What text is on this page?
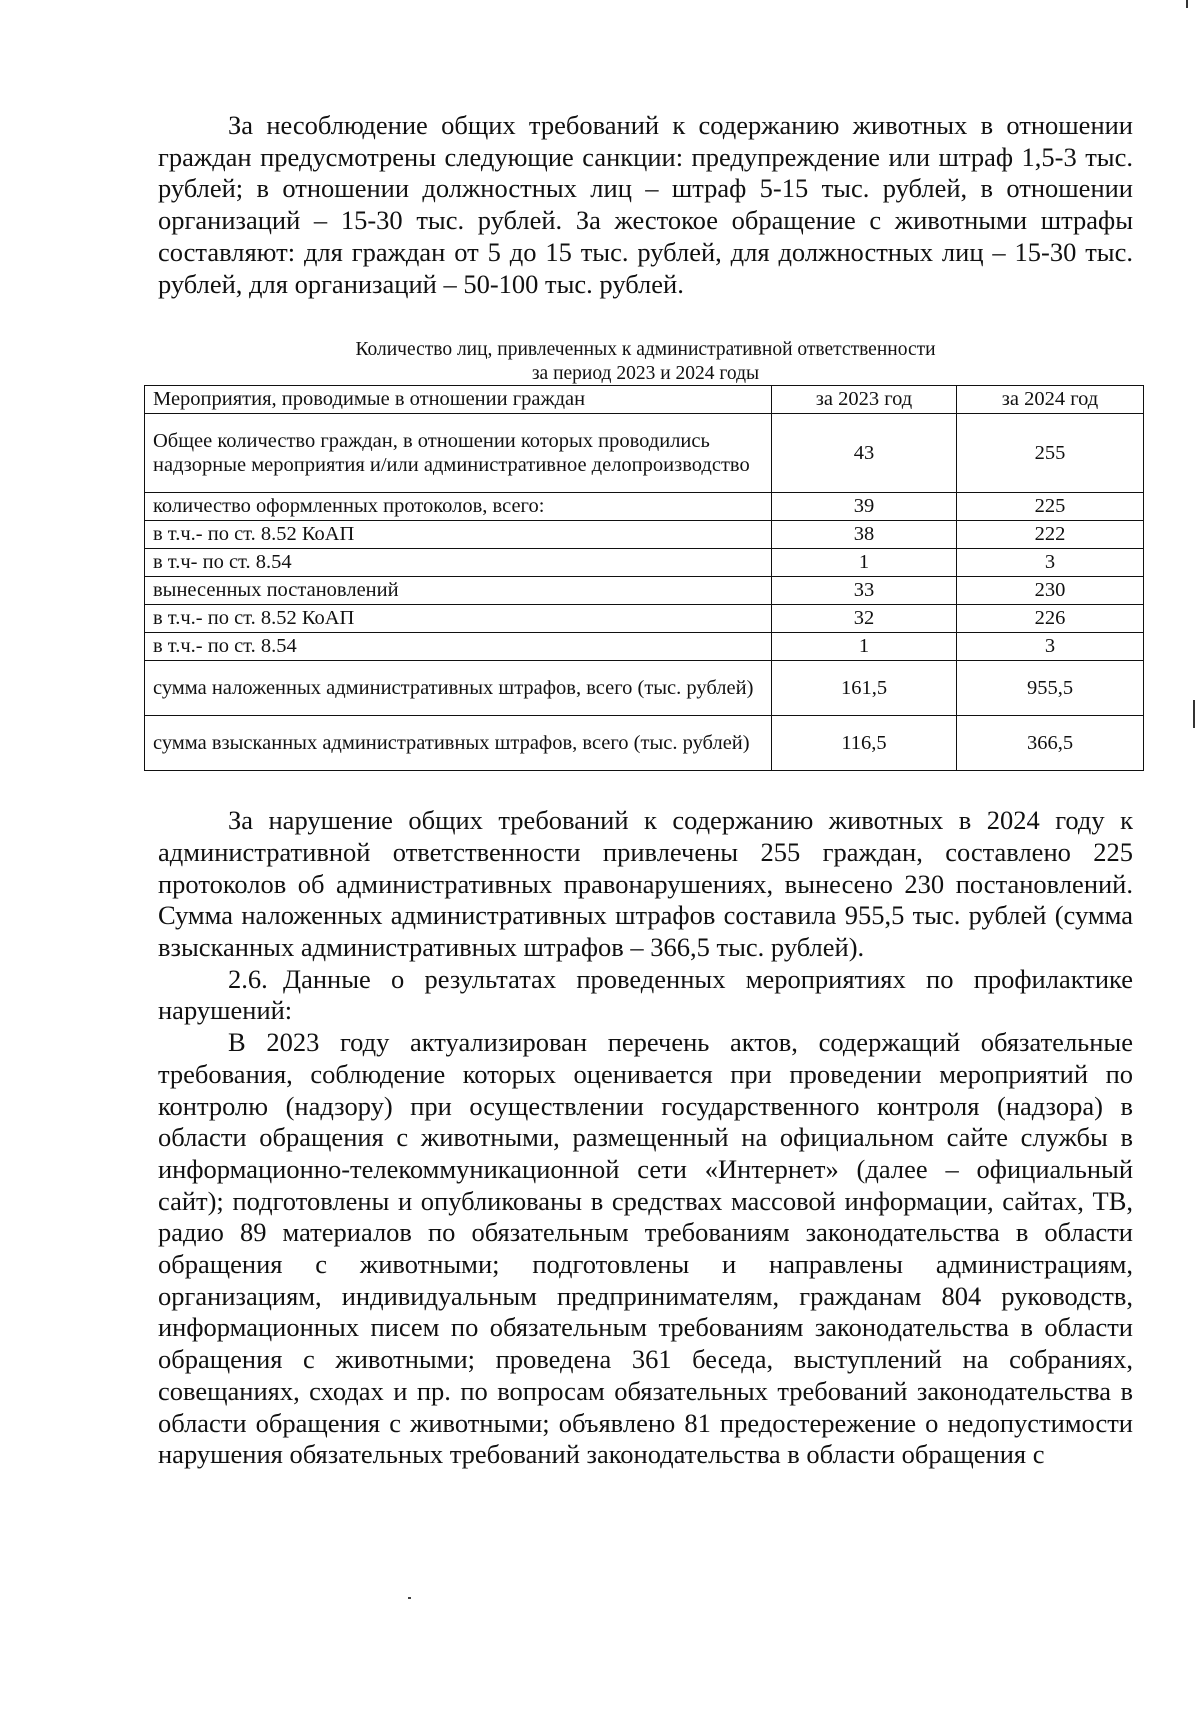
За несоблюдение общих требований к содержанию животных в отношении граждан предусмотрены следующие санкции: предупреждение или штраф 1,5-3 тыс. рублей; в отношении должностных лиц – штраф 5-15 тыс. рублей, в отношении организаций – 15-30 тыс. рублей. За жестокое обращение с животными штрафы составляют: для граждан от 5 до 15 тыс. рублей, для должностных лиц – 15-30 тыс. рублей, для организаций – 50-100 тыс. рублей.

Количество лиц, привлеченных к административной ответственности

за период 2023 и 2024 годы

Мероприятия, проводимые в отношении граждан	за 2023 год	за 2024 год
Общее количество граждан, в отношении которых проводились надзорные мероприятия и/или административное делопроизводство	43	255
количество оформленных протоколов, всего:	39	225
в т.ч.- по ст. 8.52 КоАП	38	222
в т.ч- по ст. 8.54	1	3
вынесенных постановлений	33	230
в т.ч.- по ст. 8.52 КоАП	32	226
в т.ч.- по ст. 8.54	1	3
сумма наложенных административных штрафов, всего (тыс. рублей)	161,5	955,5
сумма взысканных административных штрафов, всего (тыс. рублей)	116,5	366,5

За нарушение общих требований к содержанию животных в 2024 году к административной ответственности привлечены 255 граждан, составлено 225 протоколов об административных правонарушениях, вынесено 230 постановлений. Сумма наложенных административных штрафов составила 955,5 тыс. рублей (сумма взысканных административных штрафов – 366,5 тыс. рублей).

2.6. Данные о результатах проведенных мероприятиях по профилактике нарушений:

В 2023 году актуализирован перечень актов, содержащий обязательные требования, соблюдение которых оценивается при проведении мероприятий по контролю (надзору) при осуществлении государственного контроля (надзора) в области обращения с животными, размещенный на официальном сайте службы в информационно-телекоммуникационной сети «Интернет» (далее – официальный сайт); подготовлены и опубликованы в средствах массовой информации, сайтах, ТВ, радио 89 материалов по обязательным требованиям законодательства в области обращения с животными; подготовлены и направлены администрациям, организациям, индивидуальным предпринимателям, гражданам 804 руководств, информационных писем по обязательным требованиям законодательства в области обращения с животными; проведена 361 беседа, выступлений на собраниях, совещаниях, сходах и пр. по вопросам обязательных требований законодательства в области обращения с животными; объявлено 81 предостережение о недопустимости нарушения обязательных требований законодательства в области обращения с
